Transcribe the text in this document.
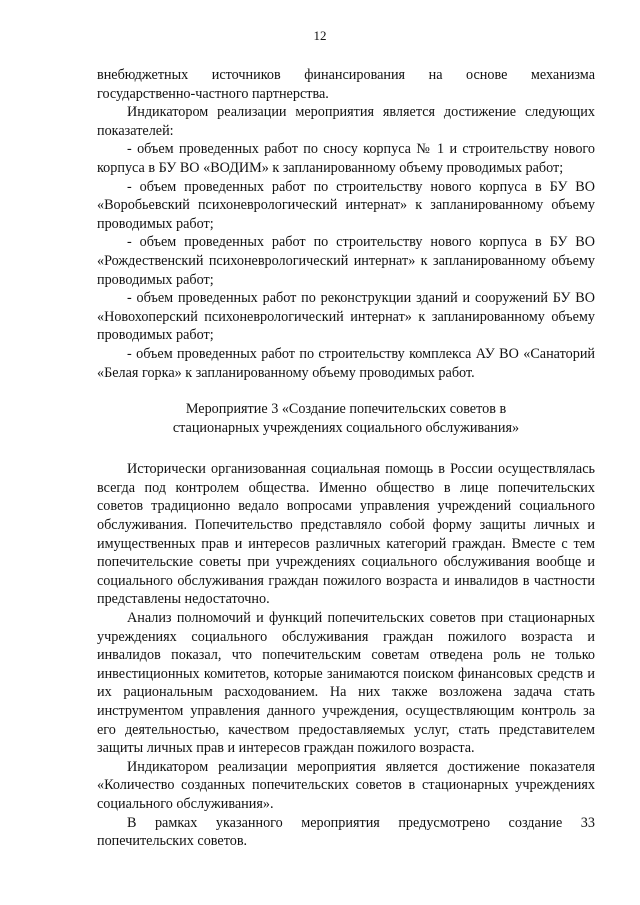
12

внебюджетных источников финансирования на основе механизма государственно-частного партнерства.

Индикатором реализации мероприятия является достижение следующих показателей:

- объем проведенных работ по сносу корпуса № 1 и строительству нового корпуса в БУ ВО «ВОДИМ» к запланированному объему проводимых работ;

- объем проведенных работ по строительству нового корпуса в БУ ВО «Воробьевский психоневрологический интернат» к запланированному объему проводимых работ;

- объем проведенных работ по строительству нового корпуса в БУ ВО «Рождественский психоневрологический интернат» к запланированному объему проводимых работ;

- объем проведенных работ по реконструкции зданий и сооружений БУ ВО «Новохоперский психоневрологический интернат» к запланированному объему проводимых работ;

- объем проведенных работ по строительству комплекса АУ ВО «Санаторий «Белая горка» к запланированному объему проводимых работ.

Мероприятие 3 «Создание попечительских советов в
стационарных учреждениях социального обслуживания»

Исторически организованная социальная помощь в России осуществлялась всегда под контролем общества. Именно общество в лице попечительских советов традиционно ведало вопросами управления учреждений социального обслуживания. Попечительство представляло собой форму защиты личных и имущественных прав и интересов различных категорий граждан. Вместе с тем попечительские советы при учреждениях социального обслуживания вообще и социального обслуживания граждан пожилого возраста и инвалидов в частности представлены недостаточно.

Анализ полномочий и функций попечительских советов при стационарных учреждениях социального обслуживания граждан пожилого возраста и инвалидов показал, что попечительским советам отведена роль не только инвестиционных комитетов, которые занимаются поиском финансовых средств и их рациональным расходованием. На них также возложена задача стать инструментом управления данного учреждения, осуществляющим контроль за его деятельностью, качеством предоставляемых услуг, стать представителем защиты личных прав и интересов граждан пожилого возраста.

Индикатором реализации мероприятия является достижение показателя «Количество созданных попечительских советов в стационарных учреждениях социального обслуживания».

В рамках указанного мероприятия предусмотрено создание 33 попечительских советов.
